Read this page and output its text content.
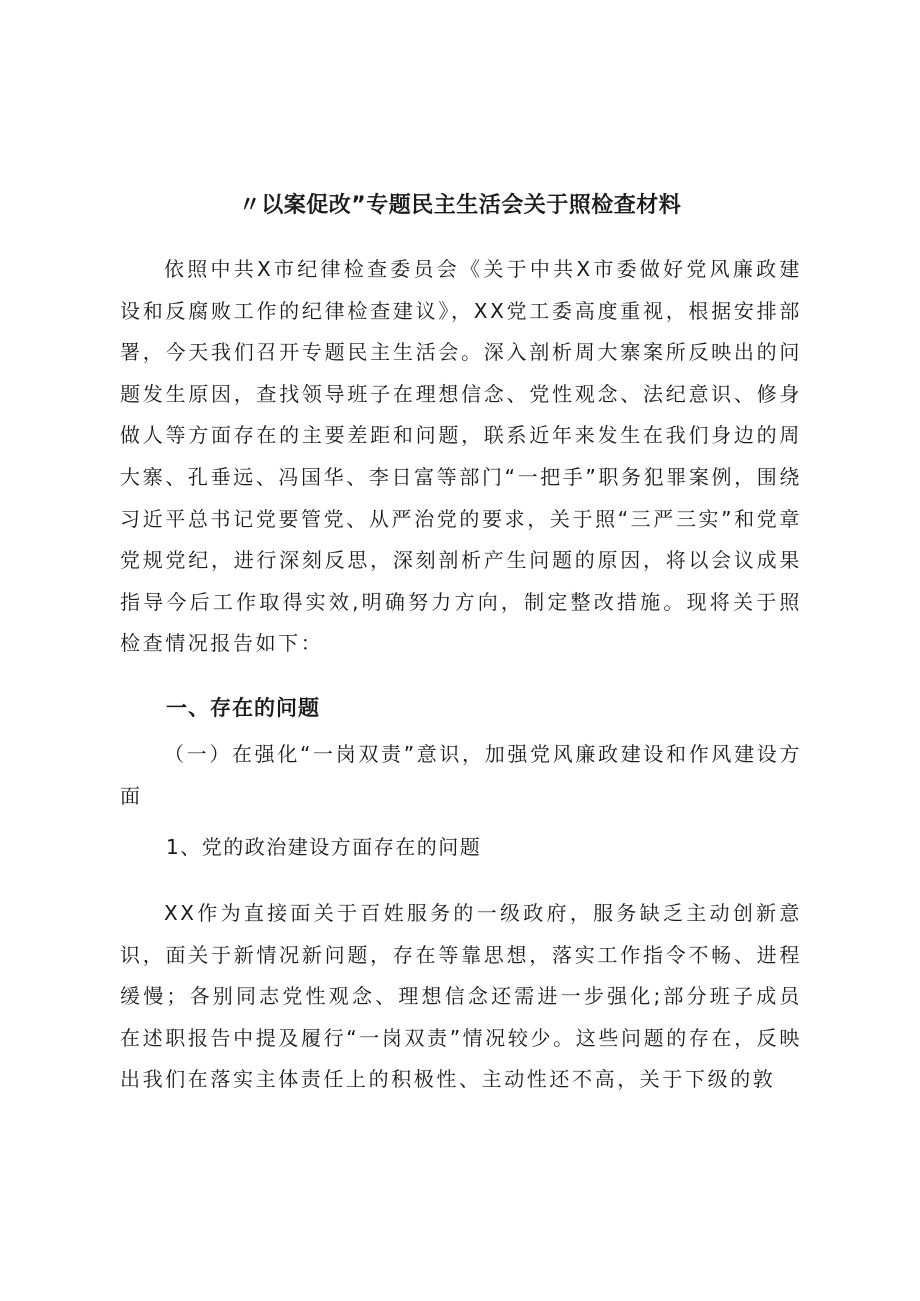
〃以案促改”专题民主生活会关于照检查材料

依照中共X市纪律检查委员会《关于中共X市委做好党风廉政建设和反腐败工作的纪律检查建议》，XX党工委高度重视，根据安排部署，今天我们召开专题民主生活会。深入剖析周大寨案所反映出的问题发生原因，查找领导班子在理想信念、党性观念、法纪意识、修身做人等方面存在的主要差距和问题，联系近年来发生在我们身边的周大寨、孔垂远、冯国华、李日富等部门“一把手”职务犯罪案例，围绕习近平总书记党要管党、从严治党的要求，关于照“三严三实”和党章党规党纪，进行深刻反思，深刻剖析产生问题的原因，将以会议成果指导今后工作取得实效,明确努力方向，制定整改措施。现将关于照检查情况报告如下：

一、存在的问题

（一）在强化“一岗双责”意识，加强党风廉政建设和作风建设方面

1、党的政治建设方面存在的问题

XX作为直接面关于百姓服务的一级政府，服务缺乏主动创新意识，面关于新情况新问题，存在等靠思想，落实工作指令不畅、进程缓慢；各别同志党性观念、理想信念还需进一步强化;部分班子成员在述职报告中提及履行“一岗双责”情况较少。这些问题的存在，反映出我们在落实主体责任上的积极性、主动性还不高，关于下级的敦
